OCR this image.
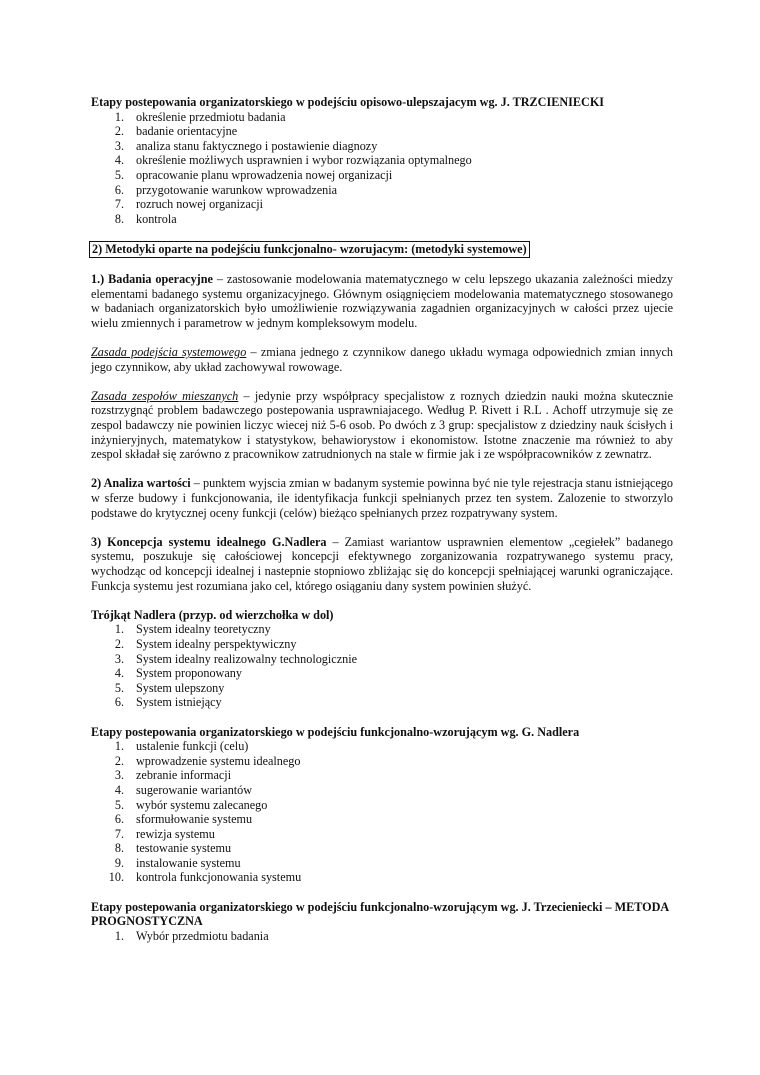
Etapy postepowania organizatorskiego w podejściu opisowo-ulepszajacym wg. J. TRZCIENIECKI
1. określenie przedmiotu badania
2. badanie orientacyjne
3. analiza stanu faktycznego i postawienie diagnozy
4. określenie możliwych usprawnien i wybor rozwiązania optymalnego
5. opracowanie planu wprowadzenia nowej organizacji
6. przygotowanie warunkow wprowadzenia
7. rozruch nowej organizacji
8. kontrola
2) Metodyki oparte na podejściu funkcjonalno- wzorujacym: (metodyki systemowe)

1.) Badania operacyjne – zastosowanie modelowania matematycznego w celu lepszego ukazania zależności miedzy elementami badanego systemu organizacyjnego. Głównym osiągnięciem modelowania matematycznego stosowanego w badaniach organizatorskich było umożliwienie rozwiązywania zagadnien organizacyjnych w całości przez ujecie wielu zmiennych i parametrow w jednym kompleksowym modelu.

Zasada podejścia systemowego – zmiana jednego z czynnikow danego układu wymaga odpowiednich zmian innych jego czynnikow, aby układ zachowywal rowowage.

Zasada zespołów mieszanych – jedynie przy współpracy specjalistow z roznych dziedzin nauki można skutecznie rozstrzygnąć problem badawczego postepowania usprawniajacego. Według P. Rivett i R.L . Achoff utrzymuje się ze zespol badawczy nie powinien liczyc wiecej niż 5-6 osob. Po dwóch z 3 grup: specjalistow z dziedziny nauk ścisłych i inżynieryjnych, matematykow i statystykow, behawiorystow i ekonomistow. Istotne znaczenie ma również to aby zespol składał się zarówno z pracownikow zatrudnionych na stale w firmie jak i ze współpracowników z zewnatrz.

2) Analiza wartości – punktem wyjscia zmian w badanym systemie powinna być nie tyle rejestracja stanu istniejącego w sferze budowy i funkcjonowania, ile identyfikacja funkcji spełnianych przez ten system. Zalozenie to stworzylo podstawe do krytycznej oceny funkcji (celów) bieżąco spełnianych przez rozpatrywany system.

3) Koncepcja systemu idealnego G.Nadlera – Zamiast wariantow usprawnien elementow „cegiełek” badanego systemu, poszukuje się całościowej koncepcji efektywnego zorganizowania rozpatrywanego systemu pracy, wychodząc od koncepcji idealnej i nastepnie stopniowo zbliżając się do koncepcji spełniającej warunki ograniczające. Funkcja systemu jest rozumiana jako cel, którego osiąganiu dany system powinien służyć.

Trójkąt Nadlera (przyp. od wierzchołka w dol)
1. System idealny teoretyczny
2. System idealny perspektywiczny
3. System idealny realizowalny technologicznie
4. System proponowany
5. System ulepszony
6. System istniejący
Etapy postepowania organizatorskiego w podejściu funkcjonalno-wzorującym wg. G. Nadlera
1. ustalenie funkcji (celu)
2. wprowadzenie systemu idealnego
3. zebranie informacji
4. sugerowanie wariantów
5. wybór systemu zalecanego
6. sformułowanie systemu
7. rewizja systemu
8. testowanie systemu
9. instalowanie systemu
10. kontrola funkcjonowania systemu
Etapy postepowania organizatorskiego w podejściu funkcjonalno-wzorującym wg. J. Trzecieniecki – METODA PROGNOSTYCZNA
1. Wybór przedmiotu badania
